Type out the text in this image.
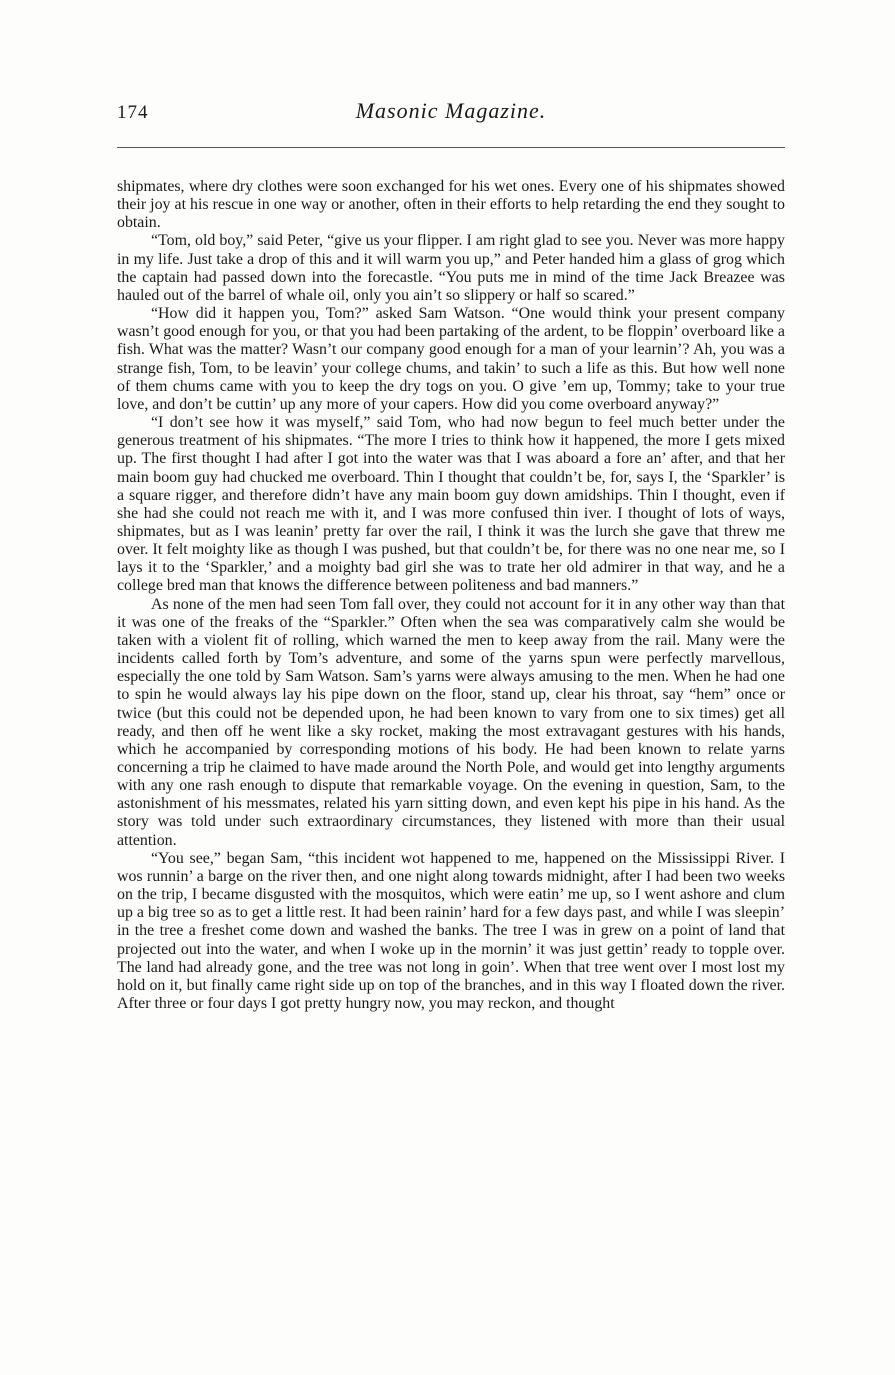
174	Masonic Magazine.

shipmates, where dry clothes were soon exchanged for his wet ones. Every one of his shipmates showed their joy at his rescue in one way or another, often in their efforts to help retarding the end they sought to obtain.

“Tom, old boy,” said Peter, “give us your flipper. I am right glad to see you. Never was more happy in my life. Just take a drop of this and it will warm you up,” and Peter handed him a glass of grog which the captain had passed down into the forecastle. “You puts me in mind of the time Jack Breazee was hauled out of the barrel of whale oil, only you ain’t so slippery or half so scared.”

“How did it happen you, Tom?” asked Sam Watson. “One would think your present company wasn’t good enough for you, or that you had been partaking of the ardent, to be floppin’ overboard like a fish. What was the matter? Wasn’t our company good enough for a man of your learnin’? Ah, you was a strange fish, Tom, to be leavin’ your college chums, and takin’ to such a life as this. But how well none of them chums came with you to keep the dry togs on you. O give ’em up, Tommy; take to your true love, and don’t be cuttin’ up any more of your capers. How did you come overboard anyway?”

“I don’t see how it was myself,” said Tom, who had now begun to feel much better under the generous treatment of his shipmates. “The more I tries to think how it happened, the more I gets mixed up. The first thought I had after I got into the water was that I was aboard a fore an’ after, and that her main boom guy had chucked me overboard. Thin I thought that couldn’t be, for, says I, the ‘Sparkler’ is a square rigger, and therefore didn’t have any main boom guy down amidships. Thin I thought, even if she had she could not reach me with it, and I was more confused thin iver. I thought of lots of ways, shipmates, but as I was leanin’ pretty far over the rail, I think it was the lurch she gave that threw me over. It felt moighty like as though I was pushed, but that couldn’t be, for there was no one near me, so I lays it to the ‘Sparkler,’ and a moighty bad girl she was to trate her old admirer in that way, and he a college bred man that knows the difference between politeness and bad manners.”

As none of the men had seen Tom fall over, they could not account for it in any other way than that it was one of the freaks of the “Sparkler.” Often when the sea was comparatively calm she would be taken with a violent fit of rolling, which warned the men to keep away from the rail. Many were the incidents called forth by Tom’s adventure, and some of the yarns spun were perfectly marvellous, especially the one told by Sam Watson. Sam’s yarns were always amusing to the men. When he had one to spin he would always lay his pipe down on the floor, stand up, clear his throat, say “hem” once or twice (but this could not be depended upon, he had been known to vary from one to six times) get all ready, and then off he went like a sky rocket, making the most extravagant gestures with his hands, which he accompanied by corresponding motions of his body. He had been known to relate yarns concerning a trip he claimed to have made around the North Pole, and would get into lengthy arguments with any one rash enough to dispute that remarkable voyage. On the evening in question, Sam, to the astonishment of his messmates, related his yarn sitting down, and even kept his pipe in his hand. As the story was told under such extraordinary circumstances, they listened with more than their usual attention.

“You see,” began Sam, “this incident wot happened to me, happened on the Mississippi River. I wos runnin’ a barge on the river then, and one night along towards midnight, after I had been two weeks on the trip, I became disgusted with the mosquitos, which were eatin’ me up, so I went ashore and clum up a big tree so as to get a little rest. It had been rainin’ hard for a few days past, and while I was sleepin’ in the tree a freshet come down and washed the banks. The tree I was in grew on a point of land that projected out into the water, and when I woke up in the mornin’ it was just gettin’ ready to topple over. The land had already gone, and the tree was not long in goin’. When that tree went over I most lost my hold on it, but finally came right side up on top of the branches, and in this way I floated down the river. After three or four days I got pretty hungry now, you may reckon, and thought
